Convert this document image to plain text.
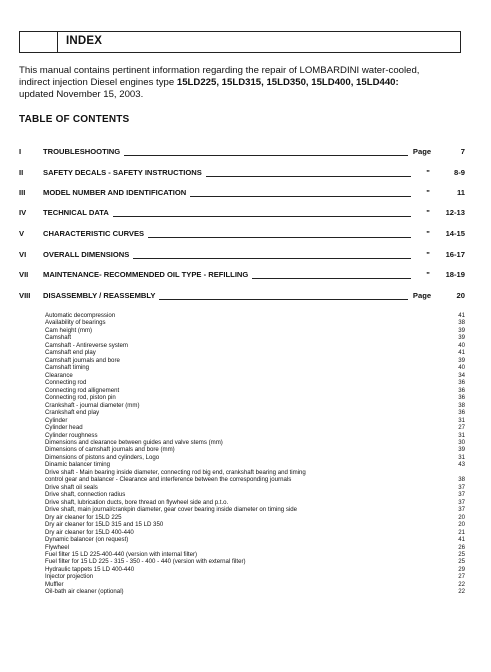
INDEX
This manual contains pertinent information regarding the repair of LOMBARDINI water-cooled,
indirect injection Diesel engines type 15LD225, 15LD315, 15LD350, 15LD400, 15LD440:
updated November 15, 2003.
TABLE OF CONTENTS
I	TROUBLESHOOTING	Page	7
II	SAFETY DECALS - SAFETY INSTRUCTIONS	"	8-9
III MODEL NUMBER AND IDENTIFICATION	"	11
IV TECHNICAL DATA	"	12-13
V CHARACTERISTIC CURVES	"	14-15
VI OVERALL DIMENSIONS	"	16-17
VII MAINTENANCE- RECOMMENDED OIL TYPE - REFILLING	"	18-19
VIII DISASSEMBLY / REASSEMBLY	Page	20
Automatic decompression	41
Availability of bearings	38
Cam height (mm)	39
Camshaft	39
Camshaft - Antireverse system	40
Camshaft end play	41
Camshaft journals and bore	39
Camshaft timing	40
Clearance	34
Connecting rod	36
Connecting rod allignement	36
Connecting rod, piston pin	36
Crankshaft - journal diameter (mm)	38
Crankshaft end play	36
Cylinder	31
Cylinder head	27
Cylinder roughness	31
Dimensions and clearance between guides and valve stems (mm)	30
Dimensions of camshaft journals and bore (mm)	39
Dimensions of pistons and cylinders, Logo	31
Dinamic balancer timing	43
Drive shaft - Main bearing inside diameter, connecting rod big end, crankshaft bearing and timing
control gear and balancer - Clearance and interference between the corresponding journals	38
Drive shaft oil seals	37
Drive shaft, connection radius	37
Drive shaft, lubrication ducts, bore thread on flywheel side and p.t.o.	37
Drive shaft, main journal/crankpin diameter, gear cover bearing inside diameter on timing side	37
Dry air cleaner for 15LD 225	20
Dry air cleaner for 15LD 315 and 15 LD 350	20
Dry air cleaner for 15LD 400-440	21
Dynamic balancer (on request)	41
Flywheel	26
Fuel filter 15 LD 225-400-440 (version with internal filter)	25
Fuel filter for 15 LD 225 - 315 - 350 - 400 - 440 (version with external filter)	25
Hydraulic tappets 15 LD 400-440	29
Injector projection	27
Muffler	22
Oil-bath air cleaner (optional)	22
